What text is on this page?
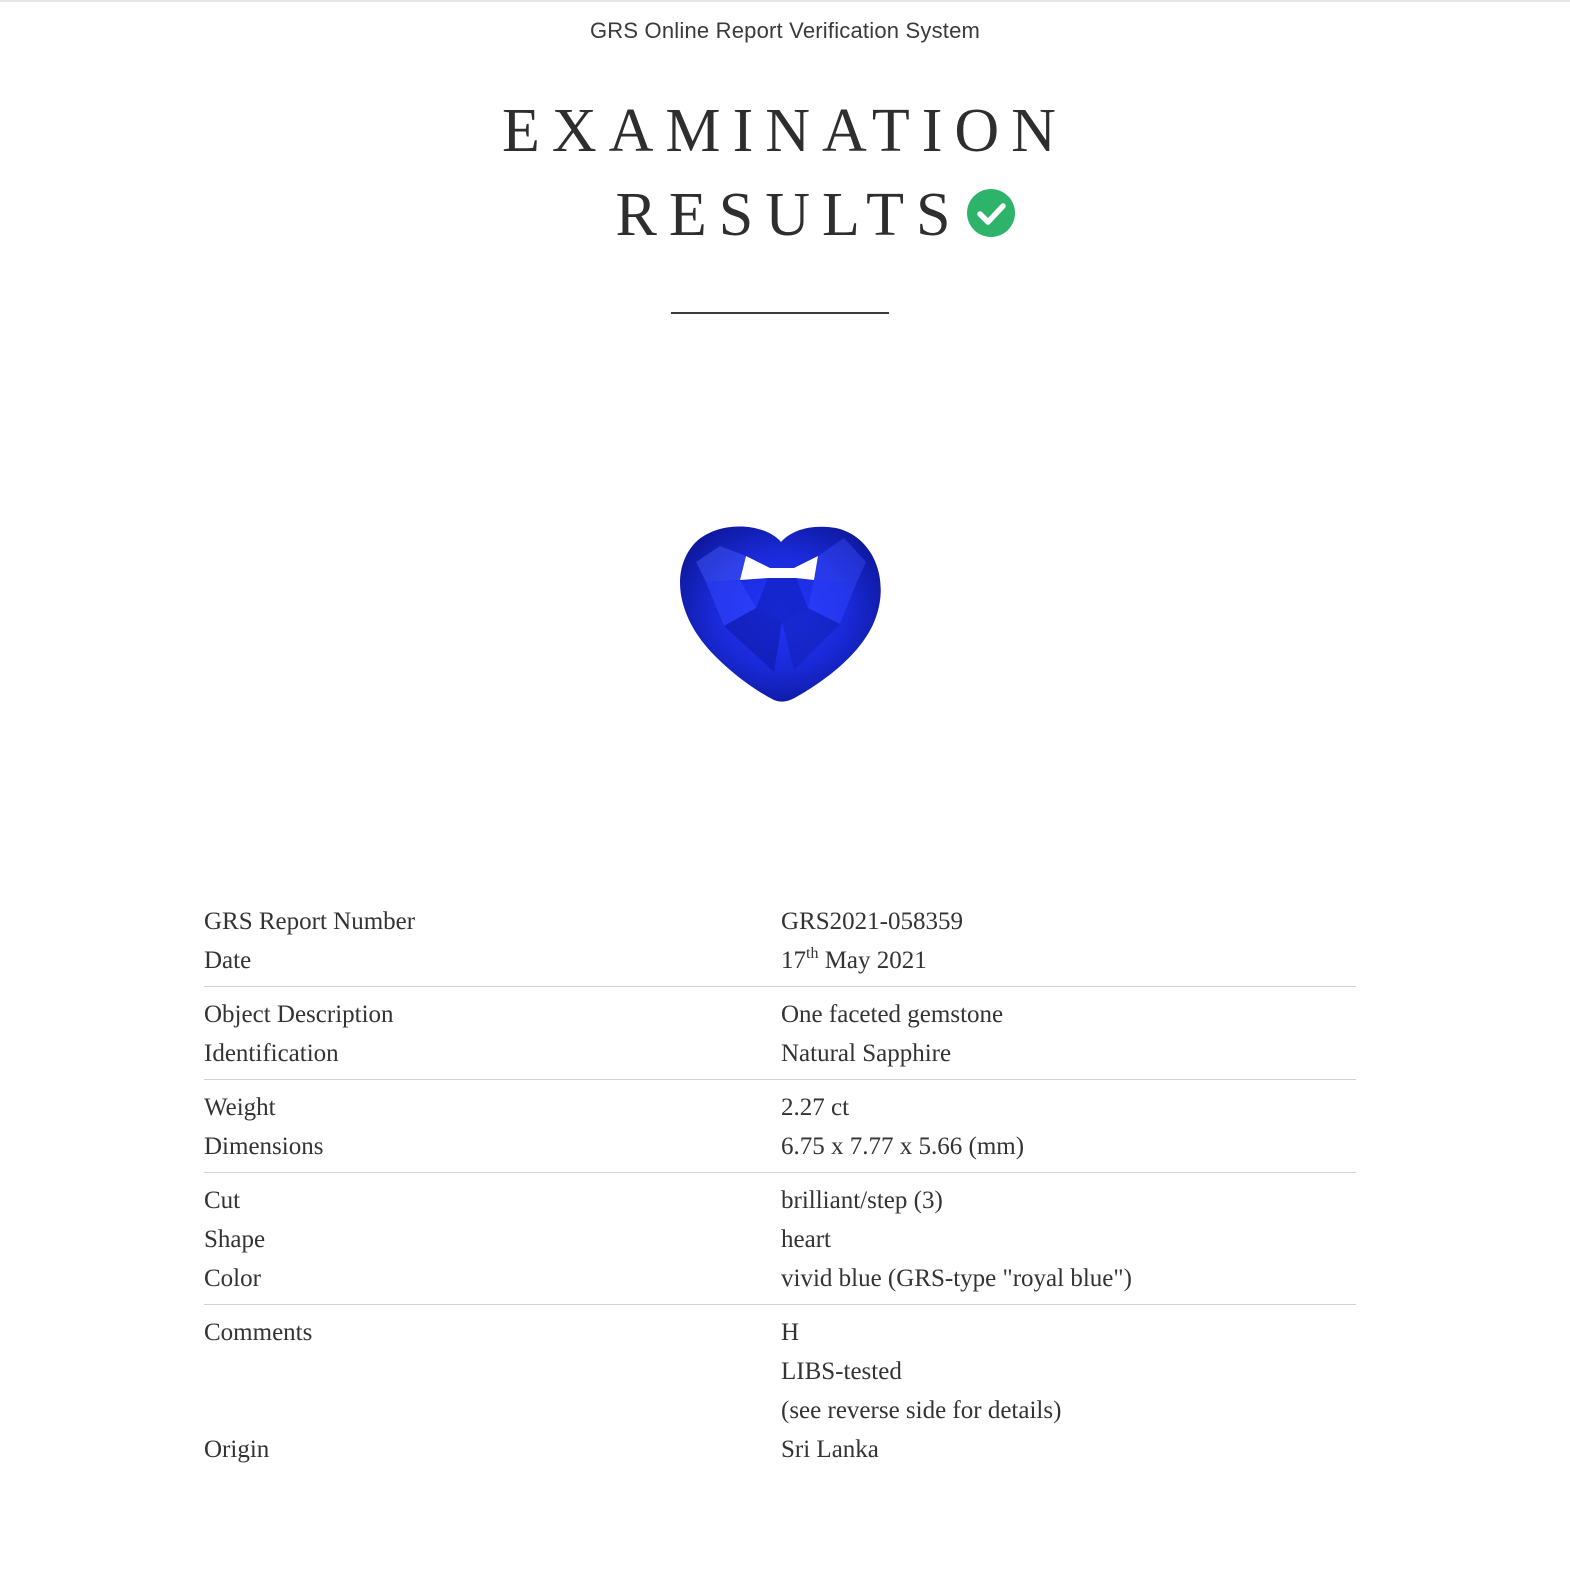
GRS Online Report Verification System
EXAMINATION
RESULTS
GRS Report Number	GRS2021-058359
Date	17th May 2021
Object Description	One faceted gemstone
Identification	Natural Sapphire
Weight	2.27 ct
Dimensions	6.75 x 7.77 x 5.66 (mm)
Cut	brilliant/step (3)
Shape	heart
Color	vivid blue (GRS-type "royal blue")
Comments	H
LIBS-tested
(see reverse side for details)
Origin	Sri Lanka
